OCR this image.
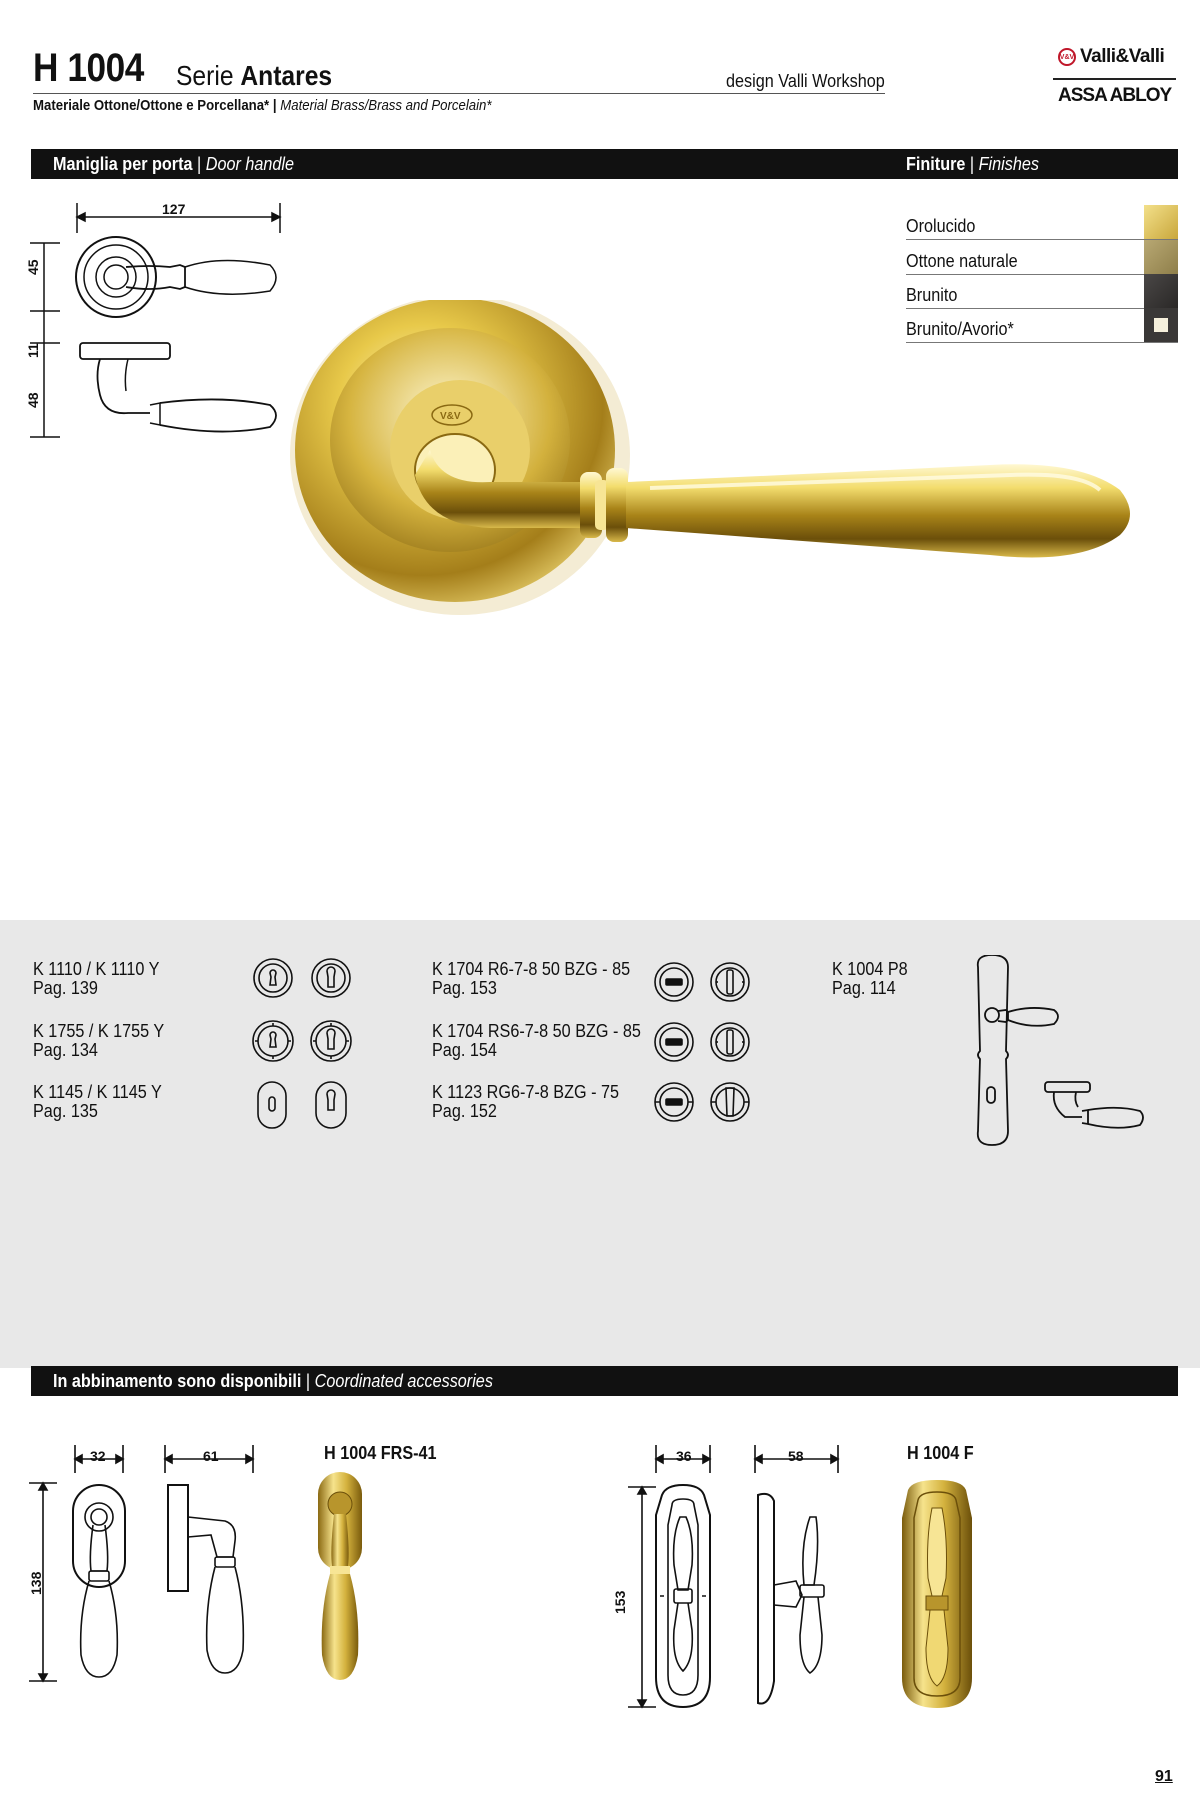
H 1004 Serie Antares	design Valli Workshop
Materiale Ottone/Ottone e Porcellana* | Material Brass/Brass and Porcelain*
V&V Valli&Valli
ASSA ABLOY
Maniglia per porta | Door handle	Finiture | Finishes
127
45
11
48
V&V
Orolucido
Ottone naturale
Brunito
Brunito/Avorio*
K 1110 / K 1110 Y
Pag. 139
K 1755 / K 1755 Y
Pag. 134
K 1145 / K 1145 Y
Pag. 135
K 1704 R6-7-8 50 BZG - 85
Pag. 153
K 1704 RS6-7-8 50 BZG - 85
Pag. 154
K 1123 RG6-7-8 BZG - 75
Pag. 152
K 1004 P8
Pag. 114
In abbinamento sono disponibili | Coordinated accessories
32	61
138
H 1004 FRS-41	36	58
153
H 1004 F
91
